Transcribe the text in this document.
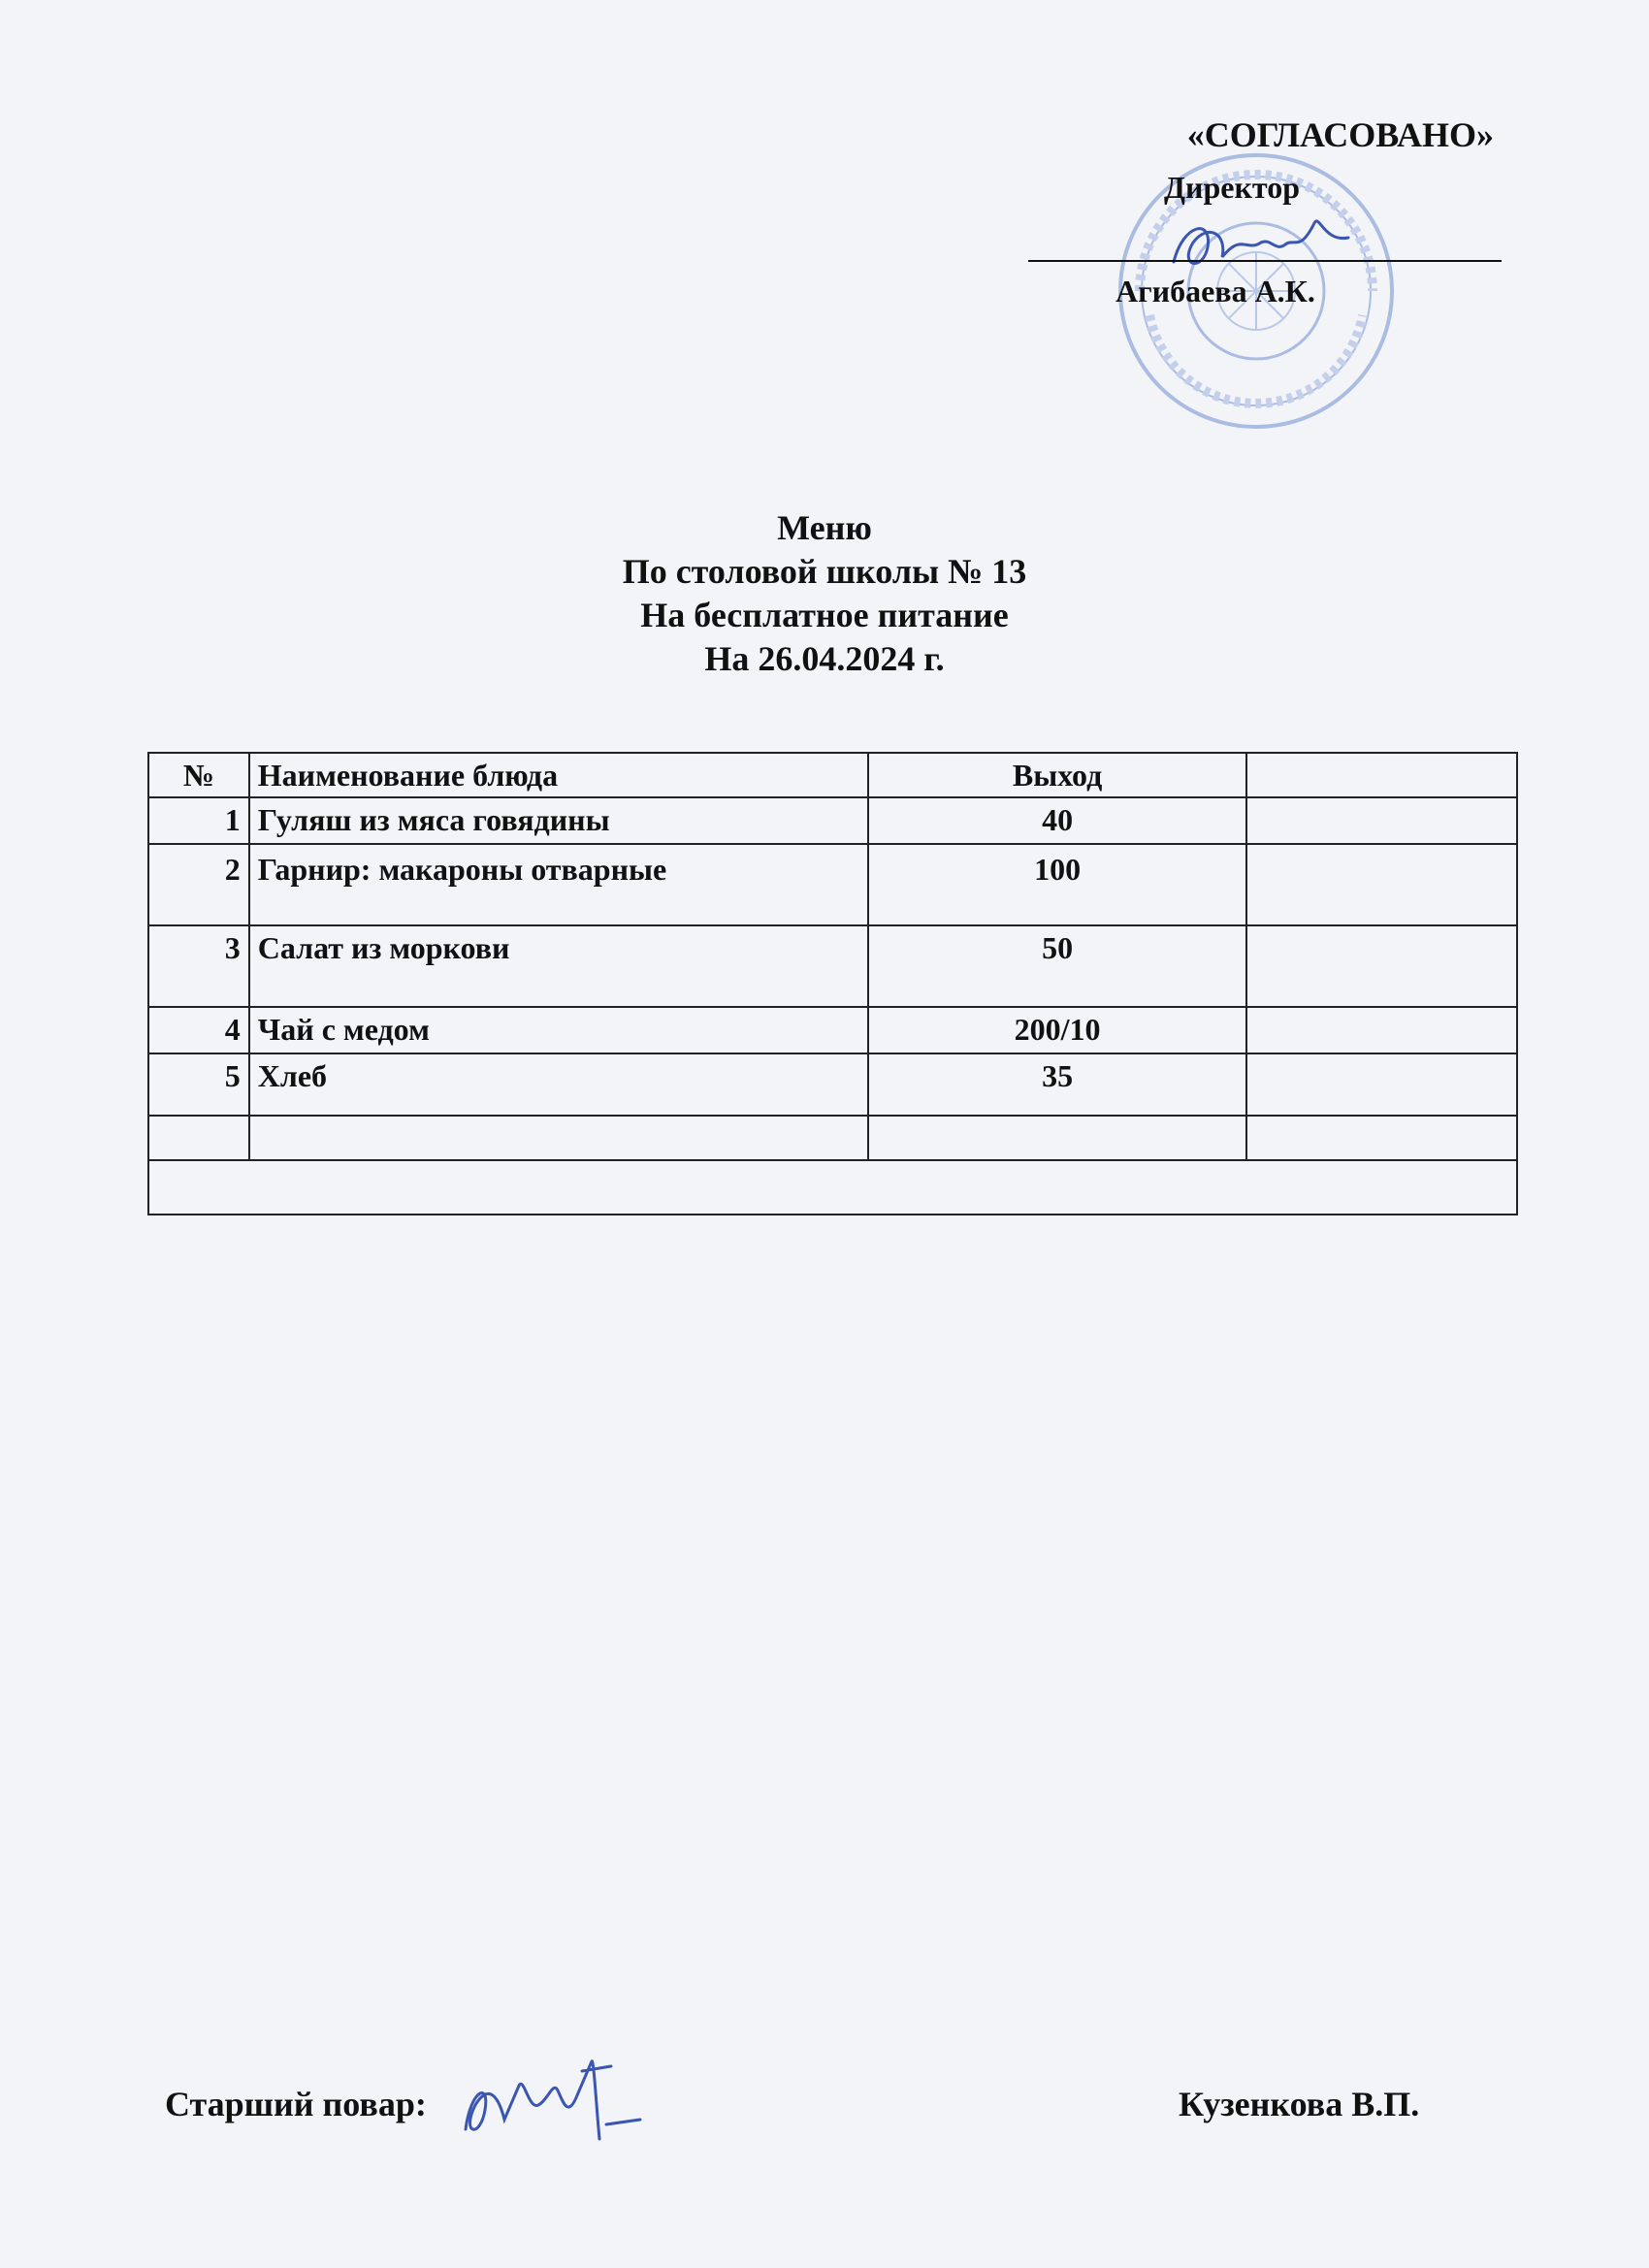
«СОГЛАСОВАНО»
Директор
Агибаева А.К.
Меню
По столовой школы № 13
На бесплатное питание
На 26.04.2024 г.
№	Наименование блюда	Выход	
1	Гуляш из мяса говядины	40	
2	Гарнир: макароны отварные	100	
3	Салат из моркови	50	
4	Чай с медом	200/10	
5	Хлеб	35	

Старший повар:	Кузенкова В.П.
